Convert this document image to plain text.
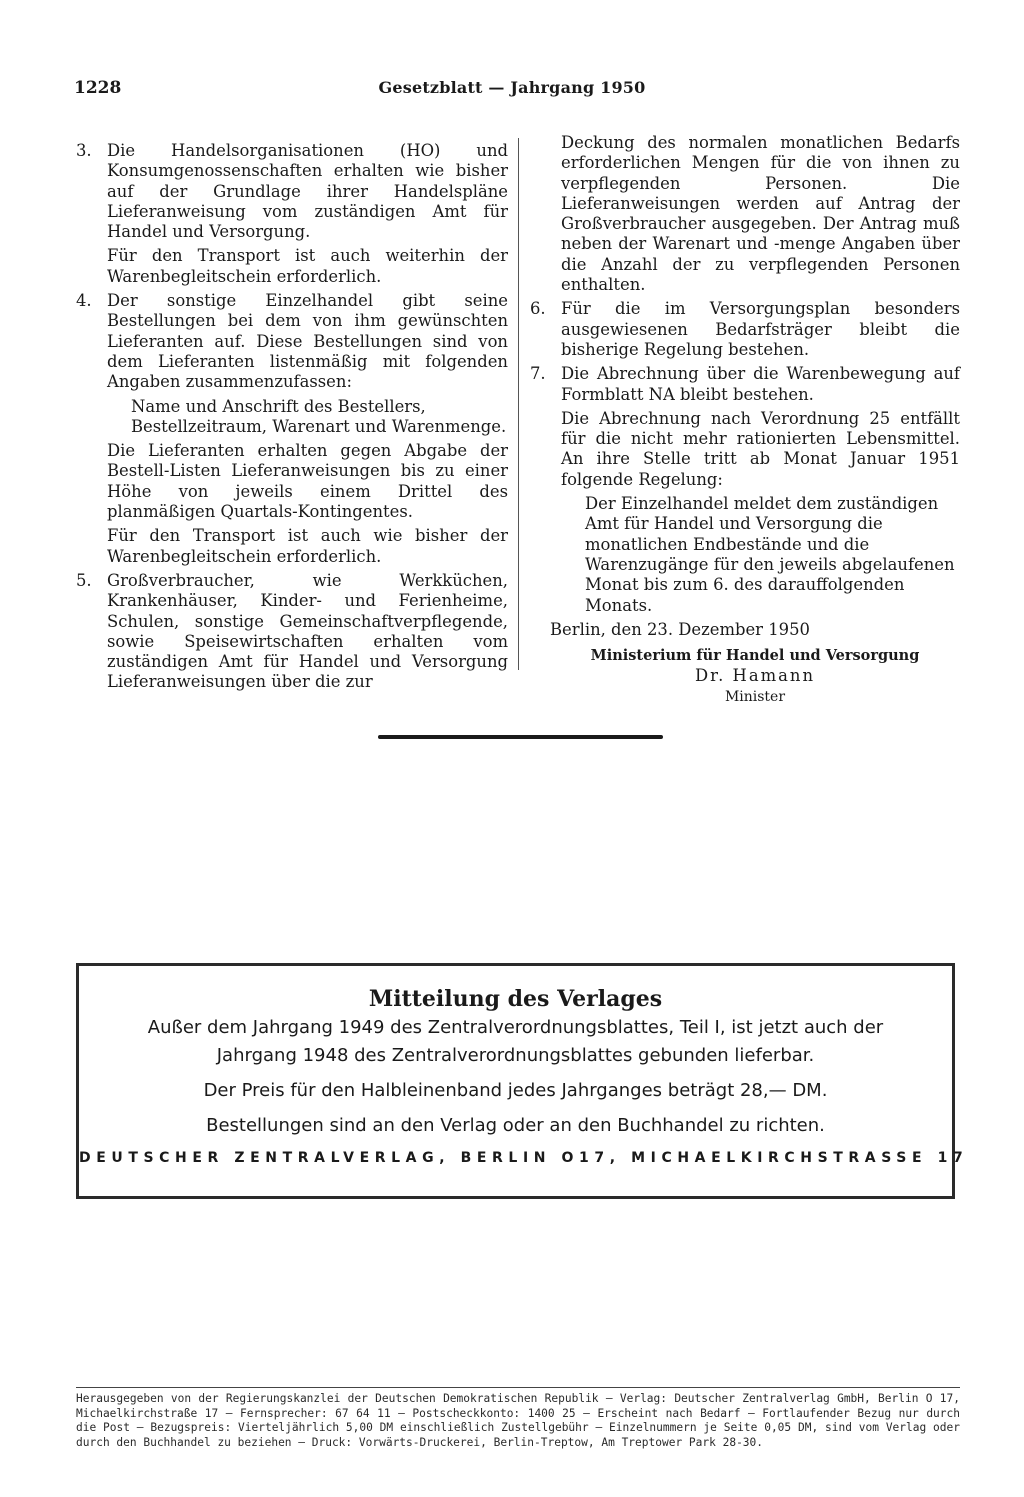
1228	Gesetzblatt — Jahrgang 1950
3. Die Handelsorganisationen (HO) und Konsumgenossenschaften erhalten wie bisher auf der Grundlage ihrer Handelspläne Lieferanweisung vom zuständigen Amt für Handel und Versorgung.

Für den Transport ist auch weiterhin der Warenbegleitschein erforderlich.

4. Der sonstige Einzelhandel gibt seine Bestellungen bei dem von ihm gewünschten Lieferanten auf. Diese Bestellungen sind von dem Lieferanten listenmäßig mit folgenden Angaben zusammenzufassen:

Name und Anschrift des Bestellers, Bestellzeitraum, Warenart und Warenmenge.

Die Lieferanten erhalten gegen Abgabe der Bestell-Listen Lieferanweisungen bis zu einer Höhe von jeweils einem Drittel des planmäßigen Quartals-Kontingentes.

Für den Transport ist auch wie bisher der Warenbegleitschein erforderlich.

5. Großverbraucher, wie Werkküchen, Krankenhäuser, Kinder- und Ferienheime, Schulen, sonstige Gemeinschaftverpflegende, sowie Speisewirtschaften erhalten vom zuständigen Amt für Handel und Versorgung Lieferanweisungen über die zur

Deckung des normalen monatlichen Bedarfs erforderlichen Mengen für die von ihnen zu verpflegenden Personen. Die Lieferanweisungen werden auf Antrag der Großverbraucher ausgegeben. Der Antrag muß neben der Warenart und -menge Angaben über die Anzahl der zu verpflegenden Personen enthalten.

6. Für die im Versorgungsplan besonders ausgewiesenen Bedarfsträger bleibt die bisherige Regelung bestehen.

7. Die Abrechnung über die Warenbewegung auf Formblatt NA bleibt bestehen.

Die Abrechnung nach Verordnung 25 entfällt für die nicht mehr rationierten Lebensmittel. An ihre Stelle tritt ab Monat Januar 1951 folgende Regelung:

Der Einzelhandel meldet dem zuständigen Amt für Handel und Versorgung die monatlichen Endbestände und die Warenzugänge für den jeweils abgelaufenen Monat bis zum 6. des darauffolgenden Monats.

Berlin, den 23. Dezember 1950
Ministerium für Handel und Versorgung
Dr. Hamann
Minister
Mitteilung des Verlages
Außer dem Jahrgang 1949 des Zentralverordnungsblattes, Teil I, ist jetzt auch der
Jahrgang 1948 des Zentralverordnungsblattes gebunden lieferbar.
Der Preis für den Halbleinenband jedes Jahrganges beträgt 28,— DM.
Bestellungen sind an den Verlag oder an den Buchhandel zu richten.
DEUTSCHER ZENTRALVERLAG, BERLIN O17, MICHAELKIRCHSTRASSE 17
Herausgegeben von der Regierungskanzlei der Deutschen Demokratischen Republik — Verlag: Deutscher Zentralverlag GmbH, Berlin O 17, Michaelkirchstraße 17 — Fernsprecher: 67 64 11 — Postscheckkonto: 1400 25 — Erscheint nach Bedarf — Fortlaufender Bezug nur durch die Post — Bezugspreis: Vierteljährlich 5,00 DM einschließlich Zustellgebühr — Einzelnummern je Seite 0,05 DM, sind vom Verlag oder durch den Buchhandel zu beziehen — Druck: Vorwärts-Druckerei, Berlin-Treptow, Am Treptower Park 28-30.
